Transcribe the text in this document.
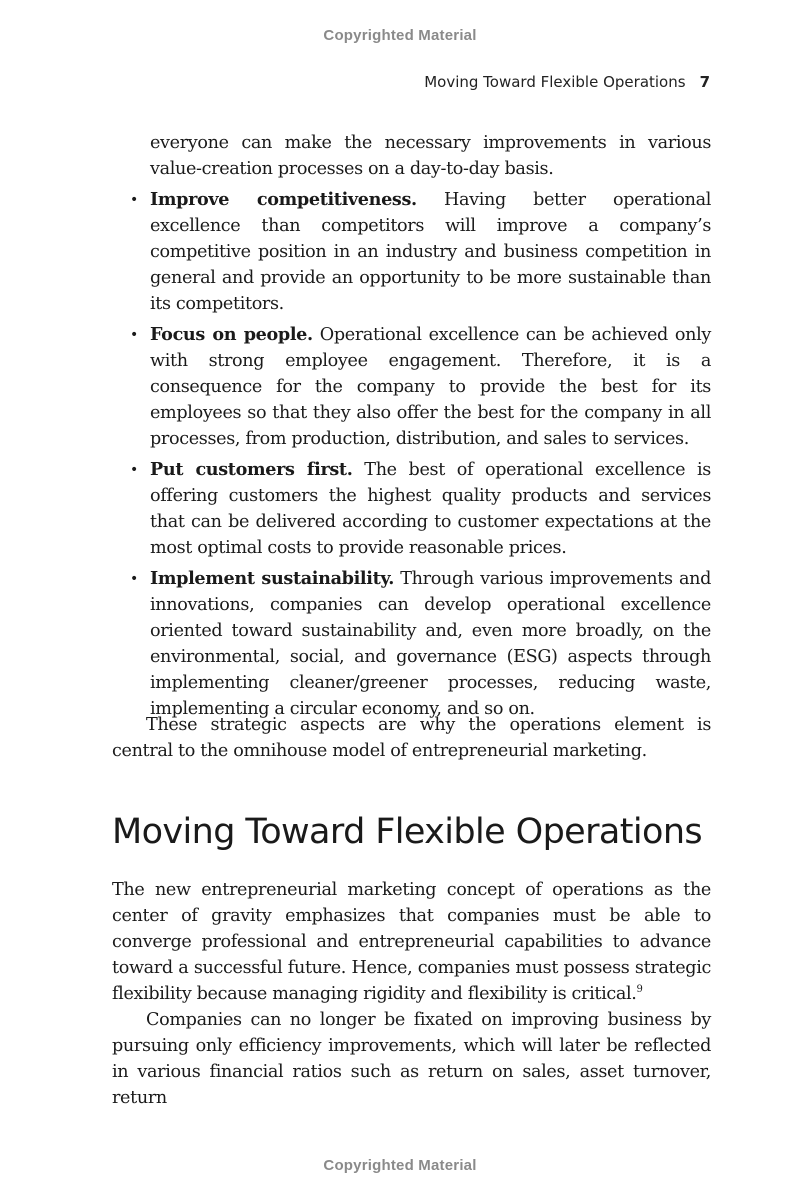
Copyrighted Material
Moving Toward Flexible Operations 7

everyone can make the necessary improvements in various value-creation processes on a day-to-day basis.

• Improve competitiveness. Having better operational excellence than competitors will improve a company’s competitive position in an industry and business competition in general and provide an opportunity to be more sustainable than its competitors.
• Focus on people. Operational excellence can be achieved only with strong employee engagement. Therefore, it is a consequence for the company to provide the best for its employees so that they also offer the best for the company in all processes, from production, distribution, and sales to services.
• Put customers first. The best of operational excellence is offering customers the highest quality products and services that can be delivered according to customer expectations at the most optimal costs to provide reasonable prices.
• Implement sustainability. Through various improvements and innovations, companies can develop operational excellence oriented toward sustainability and, even more broadly, on the environmental, social, and governance (ESG) aspects through implementing cleaner/greener processes, reducing waste, implementing a circular economy, and so on.

These strategic aspects are why the operations element is central to the omnihouse model of entrepreneurial marketing.

Moving Toward Flexible Operations

The new entrepreneurial marketing concept of operations as the center of gravity emphasizes that companies must be able to converge professional and entrepreneurial capabilities to advance toward a successful future. Hence, companies must possess strategic flexibility because managing rigidity and flexibility is critical.$^9$

Companies can no longer be fixated on improving business by pursuing only efficiency improvements, which will later be reflected in various financial ratios such as return on sales, asset turnover, return

Copyrighted Material
